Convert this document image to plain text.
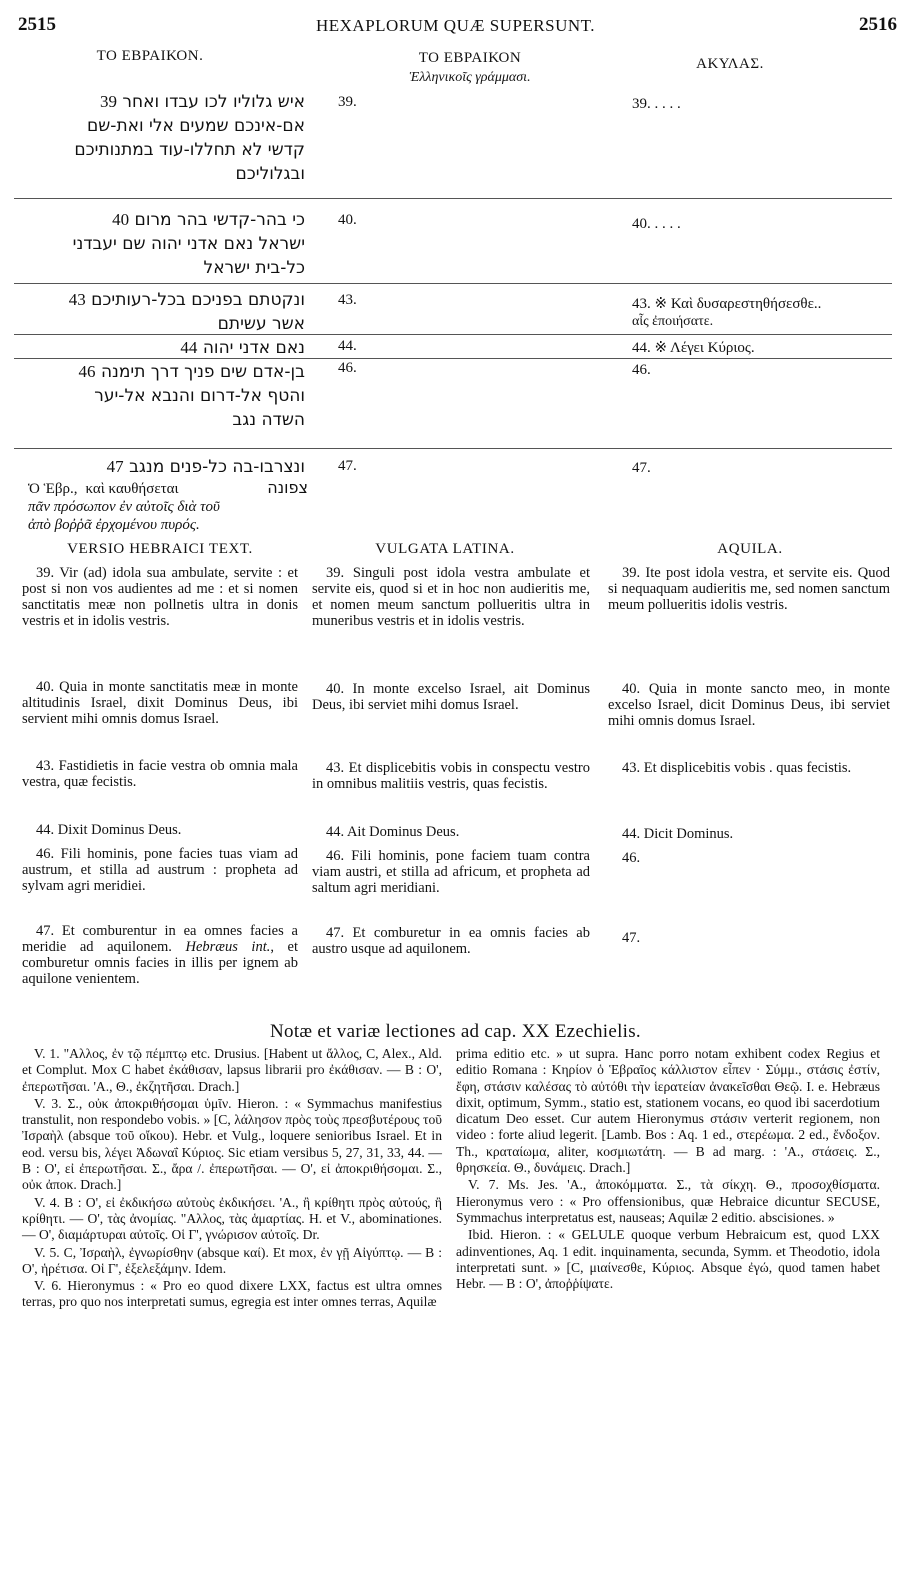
2515	HEXAPLORUM QUÆ SUPERSUNT.	2516
ΤΟ ΕΒΡΑΙΚΟΝ.	ΤΟ ΕΒΡΑΙΚΟΝ
Ἑλληνικοῖς γράμμασι.
ΑΚΥΛΑΣ.
איש גלוליו לכו עבדו ואחר 39
אם-אינכם שמעים אלי ואת-שם
קדשי לא תחללו-עוד במתנותיכם
ובגלוליכם
39.	39. . . . .
כי בהר-קדשי בהר מרום 40
ישראל נאם אדני יהוה שם יעבדני
כל-בית ישראל
40.	40. . . . .
ונקטתם בפניכם בכל-רעותיכם 43
אשר עשיתם
43.	43. ※ Καὶ δυσαρεστηθήσεσθε..
αἷς ἐποιήσατε.
נאם אדני יהוה 44	44.	44. ※ Λέγει Κύριος.
בן-אדם שים פניך דרך תימנה 46
והטף אל-דרום והנבא אל-יער
השדה נגב
46.	46.
ונצרבו-בה כל-פנים מנגב 47
Ὁ Ἑβρ., καὶ καυθήσεται	צפונה
πᾶν πρόσωπον ἐν αὐτοῖς διὰ τοῦ
ἀπὸ βοῤῥᾶ ἐρχομένου πυρός.
47.	47.
VERSIO HEBRAICI TEXT.	VULGATA LATINA.	AQUILA.
39. Vir (ad) idola sua ambulate, servite : et post si non vos audientes ad me : et si nomen sanctitatis meæ non pollnetis ultra in donis vestris et in idolis vestris.
39. Singuli post idola vestra ambulate et servite eis, quod si et in hoc non audieritis me, et nomen meum sanctum pollueritis ultra in muneribus vestris et in idolis vestris.
39. Ite post idola vestra, et servite eis. Quod si nequaquam audieritis me, sed nomen sanctum meum pollueritis idolis vestris.
40. Quia in monte sanctitatis meæ in monte altitudinis Israel, dixit Dominus Deus, ibi servient mihi omnis domus Israel.
40. In monte excelso Israel, ait Dominus Deus, ibi serviet mihi domus Israel.
40. Quia in monte sancto meo, in monte excelso Israel, dicit Dominus Deus, ibi serviet mihi omnis domus Israel.
43. Fastidietis in facie vestra ob omnia mala vestra, quæ fecistis.
43. Et displicebitis vobis in conspectu vestro in omnibus malitiis vestris, quas fecistis.
43. Et displicebitis vobis . quas fecistis.
44. Dixit Dominus Deus.	44. Ait Dominus Deus.	44. Dicit Dominus.
46. Fili hominis, pone facies tuas viam ad austrum, et stilla ad austrum : propheta ad sylvam agri meridiei.
46. Fili hominis, pone faciem tuam contra viam austri, et stilla ad africum, et propheta ad saltum agri meridiani.
46.
47. Et comburentur in ea omnes facies a meridie ad aquilonem. Hebræus int., et comburetur omnis facies in illis per ignem ab aquilone venientem.
47. Et comburetur in ea omnis facies ab austro usque ad aquilonem.
47.
Notæ et variæ lectiones ad cap. XX Ezechielis.

V. 1. "Αλλος, ἐν τῷ πέμπτῳ etc. Drusius. [Habent ut ἄλλος, C, Alex., Ald. et Complut. Mox C habet ἐκάθισαν, lapsus librarii pro ἐκάθισαν. — B : Ο', ἐπερωτῆσαι. 'Α., Θ., ἐκζητῆσαι. Drach.]

V. 3. Σ., οὐκ ἀποκριθήσομαι ὑμῖν. Hieron. : « Symmachus manifestius transtulit, non respondebo vobis. » [C, λάλησον πρὸς τοὺς πρεσβυτέρους τοῦ Ἰσραὴλ (absque τοῦ οἴκου). Hebr. et Vulg., loquere senioribus Israel. Et in eod. versu bis, λέγει Ἀδωναΐ Κύριος. Sic etiam versibus 5, 27, 31, 33, 44. — B : Ο', εἰ ἐπερωτῆσαι. Σ., ἄρα /. ἐπερωτῆσαι. — Ο', εἰ ἀποκριθήσομαι. Σ., οὐκ ἀποκ. Drach.]

V. 4. B : Ο', εἰ ἐκδικήσω αὐτοὺς ἐκδικήσει. 'Α., ἢ κρίθητι πρὸς αὐτούς, ἢ κρίθητι. — Ο', τὰς ἀνομίας. "Αλλος, τὰς ἁμαρτίας. H. et V., abominationes. — Ο', διαμάρτυραι αὐτοῖς. Οἱ Γ', γνώρισον αὐτοῖς. Dr.

V. 5. C, Ἰσραὴλ, ἐγνωρίσθην (absque καί). Et mox, ἐν γῇ Αἰγύπτῳ. — B : Ο', ἡρέτισα. Οἱ Γ', ἐξελεξάμην. Idem.

V. 6. Hieronymus : « Pro eo quod dixere LXX, factus est ultra omnes terras, pro quo nos interpretati sumus, egregia est inter omnes terras, Aquilæ

prima editio etc. » ut supra. Hanc porro notam exhibent codex Regius et editio Romana : Κηρίον ὁ Ἑβραῖος κάλλιστον εἶπεν · Σύμμ., στάσις ἐστίν, ἔφη, στάσιν καλέσας τὸ αὐτόθι τὴν ἱερατείαν ἀνακεῖσθαι Θεῷ. I. e. Hebræus dixit, optimum, Symm., statio est, stationem vocans, eo quod ibi sacerdotium dicatum Deo esset. Cur autem Hieronymus στάσιν verterit regionem, non video : forte aliud legerit. [Lamb. Bos : Aq. 1 ed., στερέωμα. 2 ed., ἔνδοξον. Th., κραταίωμα, aliter, κοσμιωτάτη. — B ad marg. : 'Α., στάσεις. Σ., θρησκεία. Θ., δυνάμεις. Drach.]

V. 7. Ms. Jes. 'Α., ἀποκόμματα. Σ., τὰ σίκχη. Θ., προσοχθίσματα. Hieronymus vero : « Pro offensionibus, quæ Hebraice dicuntur SECUSE, Symmachus interpretatus est, nauseas; Aquilæ 2 editio. abscisiones. »

Ibid. Hieron. : « GELULE quoque verbum Hebraicum est, quod LXX adinventiones, Aq. 1 edit. inquinamenta, secunda, Symm. et Theodotio, idola interpretati sunt. » [C, μιαίνεσθε, Κύριος. Absque ἐγώ, quod tamen habet Hebr. — B : Ο', ἀποῤῥίψατε.
